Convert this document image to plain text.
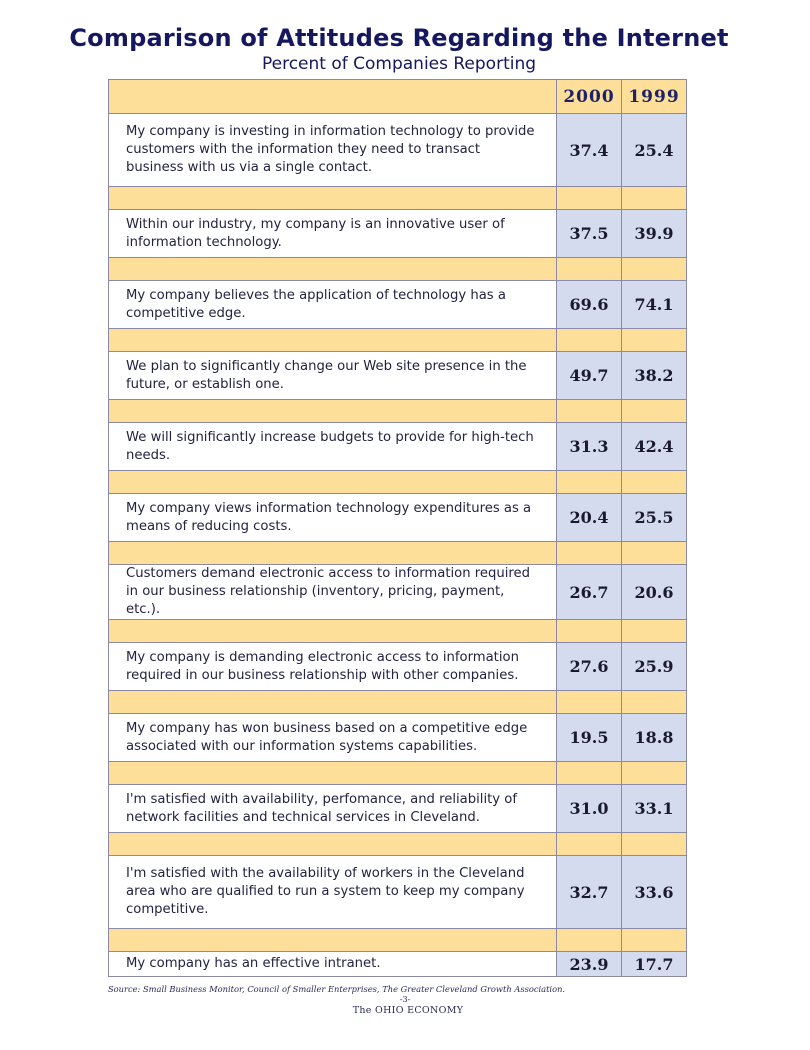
Comparison of Attitudes Regarding the Internet
Percent of Companies Reporting
	2000	1999
My company is investing in information technology to provide customers with the information they need to transact business with us via a single contact.	37.4	25.4

Within our industry, my company is an innovative user of information technology.	37.5	39.9

My company believes the application of technology has a competitive edge.	69.6	74.1

We plan to significantly change our Web site presence in the future, or establish one.	49.7	38.2

We will significantly increase budgets to provide for high-tech needs.	31.3	42.4

My company views information technology expenditures as a means of reducing costs.	20.4	25.5

Customers demand electronic access to information required in our business relationship (inventory, pricing, payment, etc.).	26.7	20.6

My company is demanding electronic access to information required in our business relationship with other companies.	27.6	25.9

My company has won business based on a competitive edge associated with our information systems capabilities.	19.5	18.8

I'm satisfied with availability, perfomance, and reliability of network facilities and technical services in Cleveland.	31.0	33.1

I'm satisfied with the availability of workers in the Cleveland area who are qualified to run a system to keep my company competitive.	32.7	33.6

My company has an effective intranet.	23.9	17.7
Source: Small Business Monitor, Council of Smaller Enterprises, The Greater Cleveland Growth Association.
-3-
The OHIO ECONOMY
